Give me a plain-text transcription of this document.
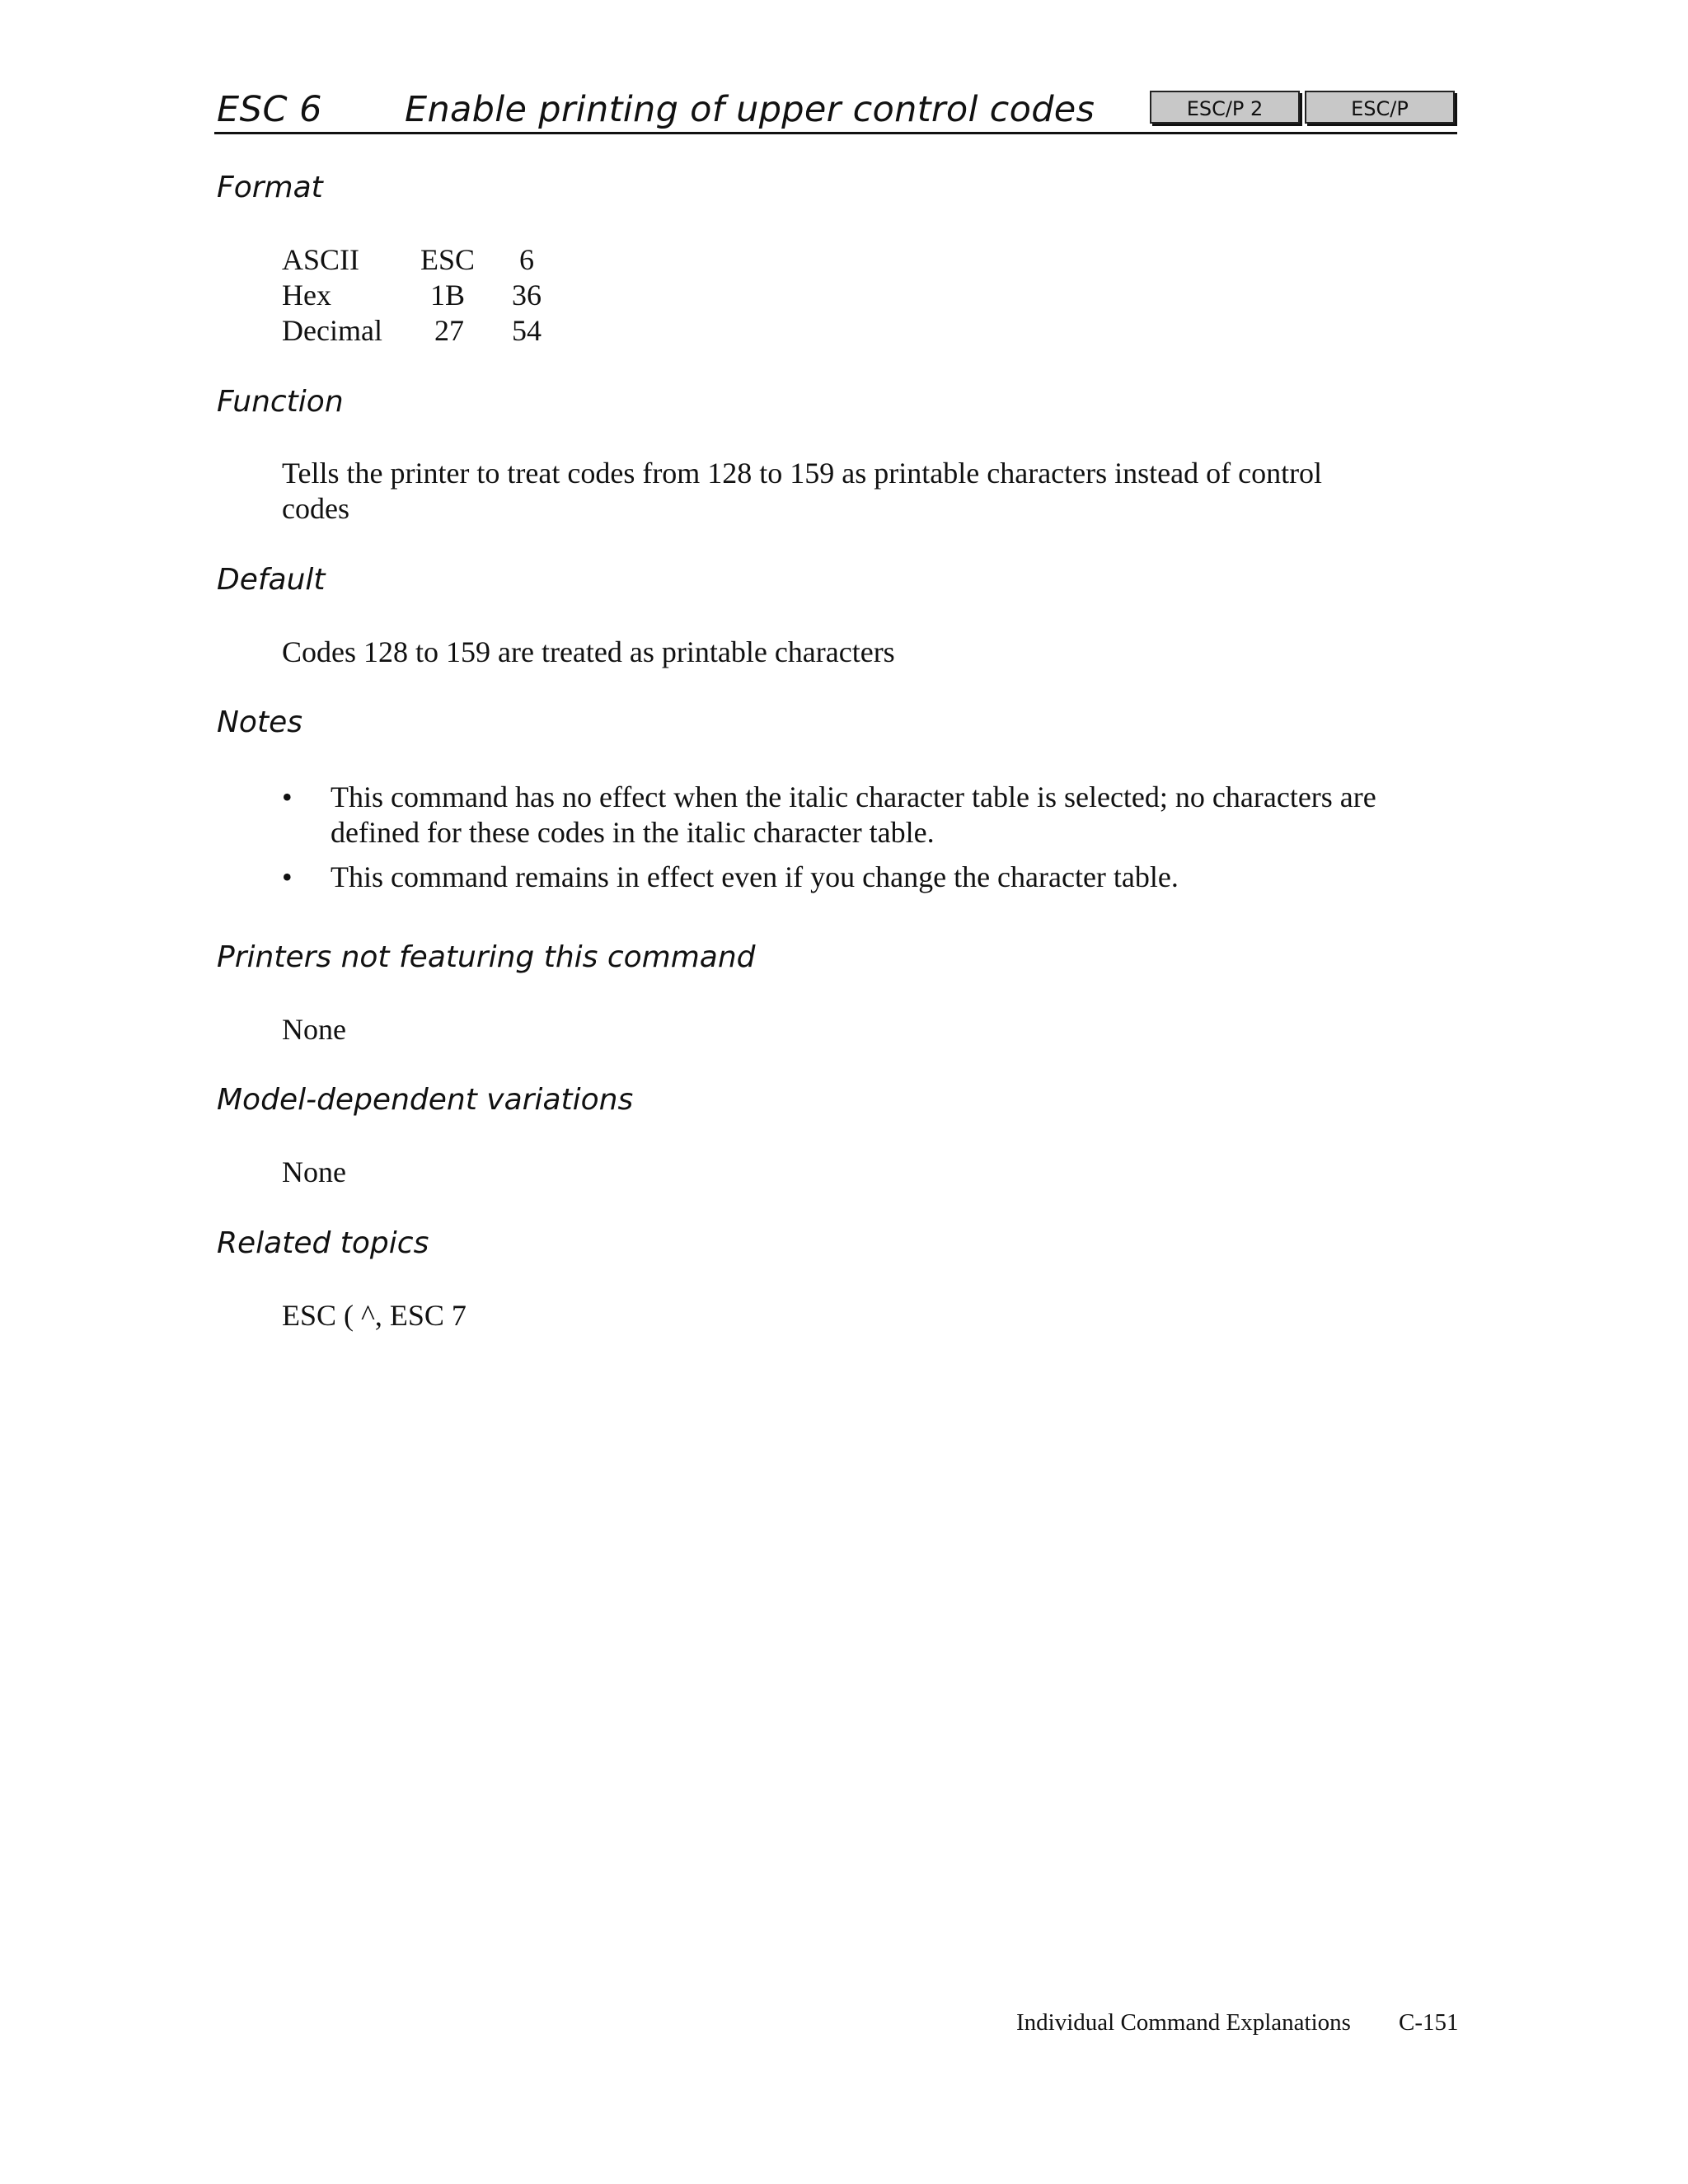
ESC 6 Enable printing of upper control codes	ESC/P 2	ESC/P
Format
ASCII ESC 6
Hex	1B 36
Decimal 27 54
Function
Tells the printer to treat codes from 128 to 159 as printable characters instead of control
codes
Default
Codes 128 to 159 are treated as printable characters
Notes
• This command has no effect when the italic character table is selected; no characters are
defined for these codes in the italic character table.
• This command remains in effect even if you change the character table.
Printers not featuring this command
None
Model-dependent variations
None
Related topics
ESC ( ^, ESC 7
Individual Command Explanations C-151
